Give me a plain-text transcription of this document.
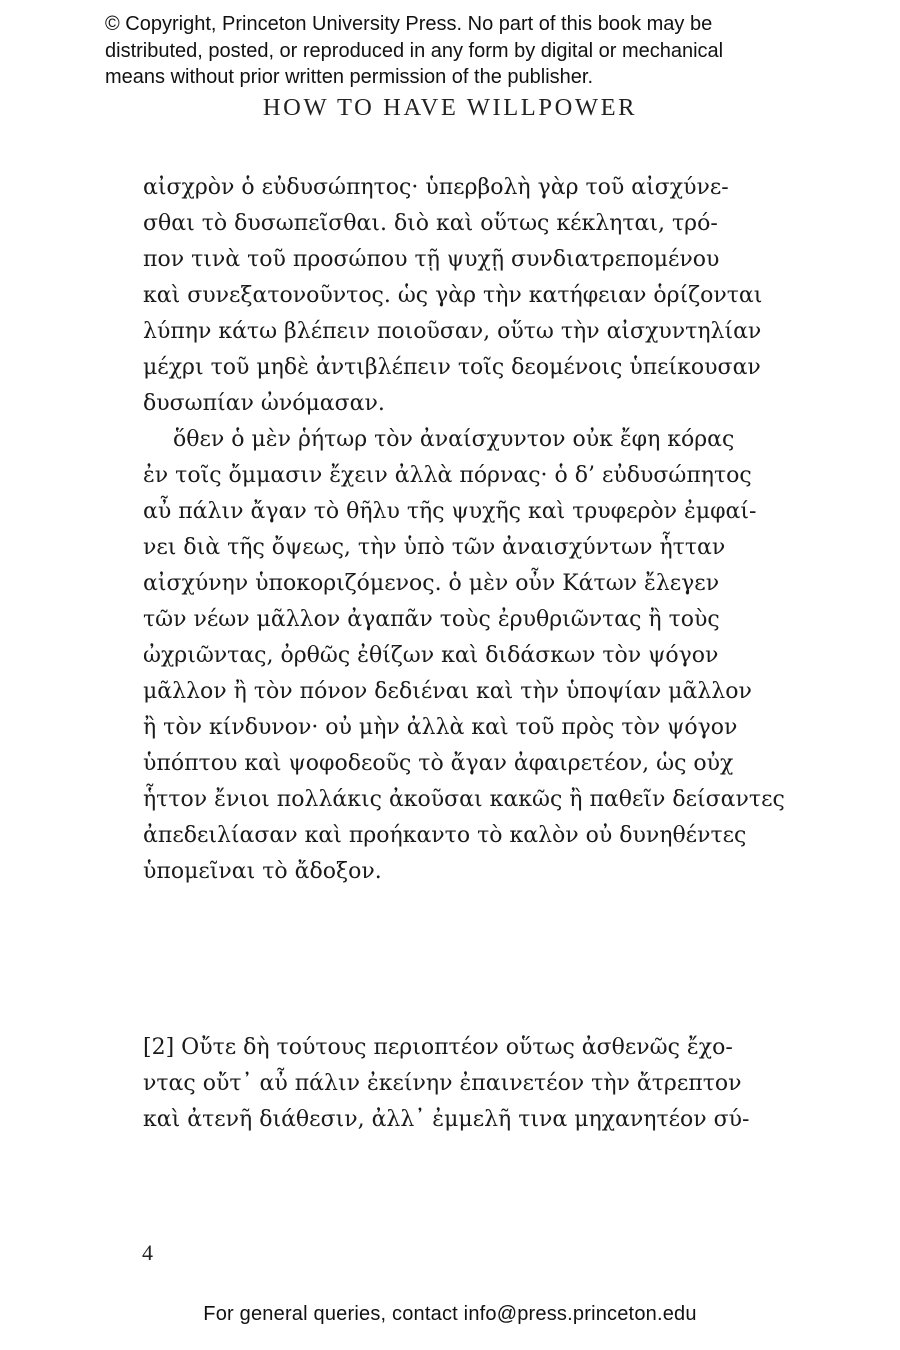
© Copyright, Princeton University Press. No part of this book may be
distributed, posted, or reproduced in any form by digital or mechanical
means without prior written permission of the publisher.
HOW TO HAVE WILLPOWER
αἰσχρὸν ὁ εὐδυσώπητος· ὑπερβολὴ γὰρ τοῦ αἰσχύνε-
σθαι τὸ δυσωπεῖσθαι. διὸ καὶ οὕτως κέκληται, τρό-
πον τινὰ τοῦ προσώπου τῇ ψυχῇ συνδιατρεπομένου
καὶ συνεξατονοῦντος. ὡς γὰρ τὴν κατήφειαν ὁρίζονται
λύπην κάτω βλέπειν ποιοῦσαν, οὕτω τὴν αἰσχυντηλίαν
μέχρι τοῦ μηδὲ ἀντιβλέπειν τοῖς δεομένοις ὑπείκουσαν
δυσωπίαν ὠνόμασαν.
ὅθεν ὁ μὲν ῥήτωρ τὸν ἀναίσχυντον οὐκ ἔφη κόρας
ἐν τοῖς ὄμμασιν ἔχειν ἀλλὰ πόρνας· ὁ δ’ εὐδυσώπητος
αὖ πάλιν ἄγαν τὸ θῆλυ τῆς ψυχῆς καὶ τρυφερὸν ἐμφαί-
νει διὰ τῆς ὄψεως, τὴν ὑπὸ τῶν ἀναισχύντων ἧτταν
αἰσχύνην ὑποκοριζόμενος. ὁ μὲν οὖν Κάτων ἔλεγεν
τῶν νέων μᾶλλον ἀγαπᾶν τοὺς ἐρυθριῶντας ἢ τοὺς
ὠχριῶντας, ὀρθῶς ἐθίζων καὶ διδάσκων τὸν ψόγον
μᾶλλον ἢ τὸν πόνον δεδιέναι καὶ τὴν ὑποψίαν μᾶλλον
ἢ τὸν κίνδυνον· οὐ μὴν ἀλλὰ καὶ τοῦ πρὸς τὸν ψόγον
ὑπόπτου καὶ ψοφοδεοῦς τὸ ἄγαν ἀφαιρετέον, ὡς οὐχ
ἧττον ἔνιοι πολλάκις ἀκοῦσαι κακῶς ἢ παθεῖν δείσαντες
ἀπεδειλίασαν καὶ προήκαντο τὸ καλὸν οὐ δυνηθέντες
ὑπομεῖναι τὸ ἄδοξον.
[2] Οὔτε δὴ τούτους περιοπτέον οὕτως ἀσθενῶς ἔχο-
ντας οὔτ᾽ αὖ πάλιν ἐκείνην ἐπαινετέον τὴν ἄτρεπτον
καὶ ἀτενῆ διάθεσιν, ἀλλ᾽ ἐμμελῆ τινα μηχανητέον σύ-
4
For general queries, contact info@press.princeton.edu
